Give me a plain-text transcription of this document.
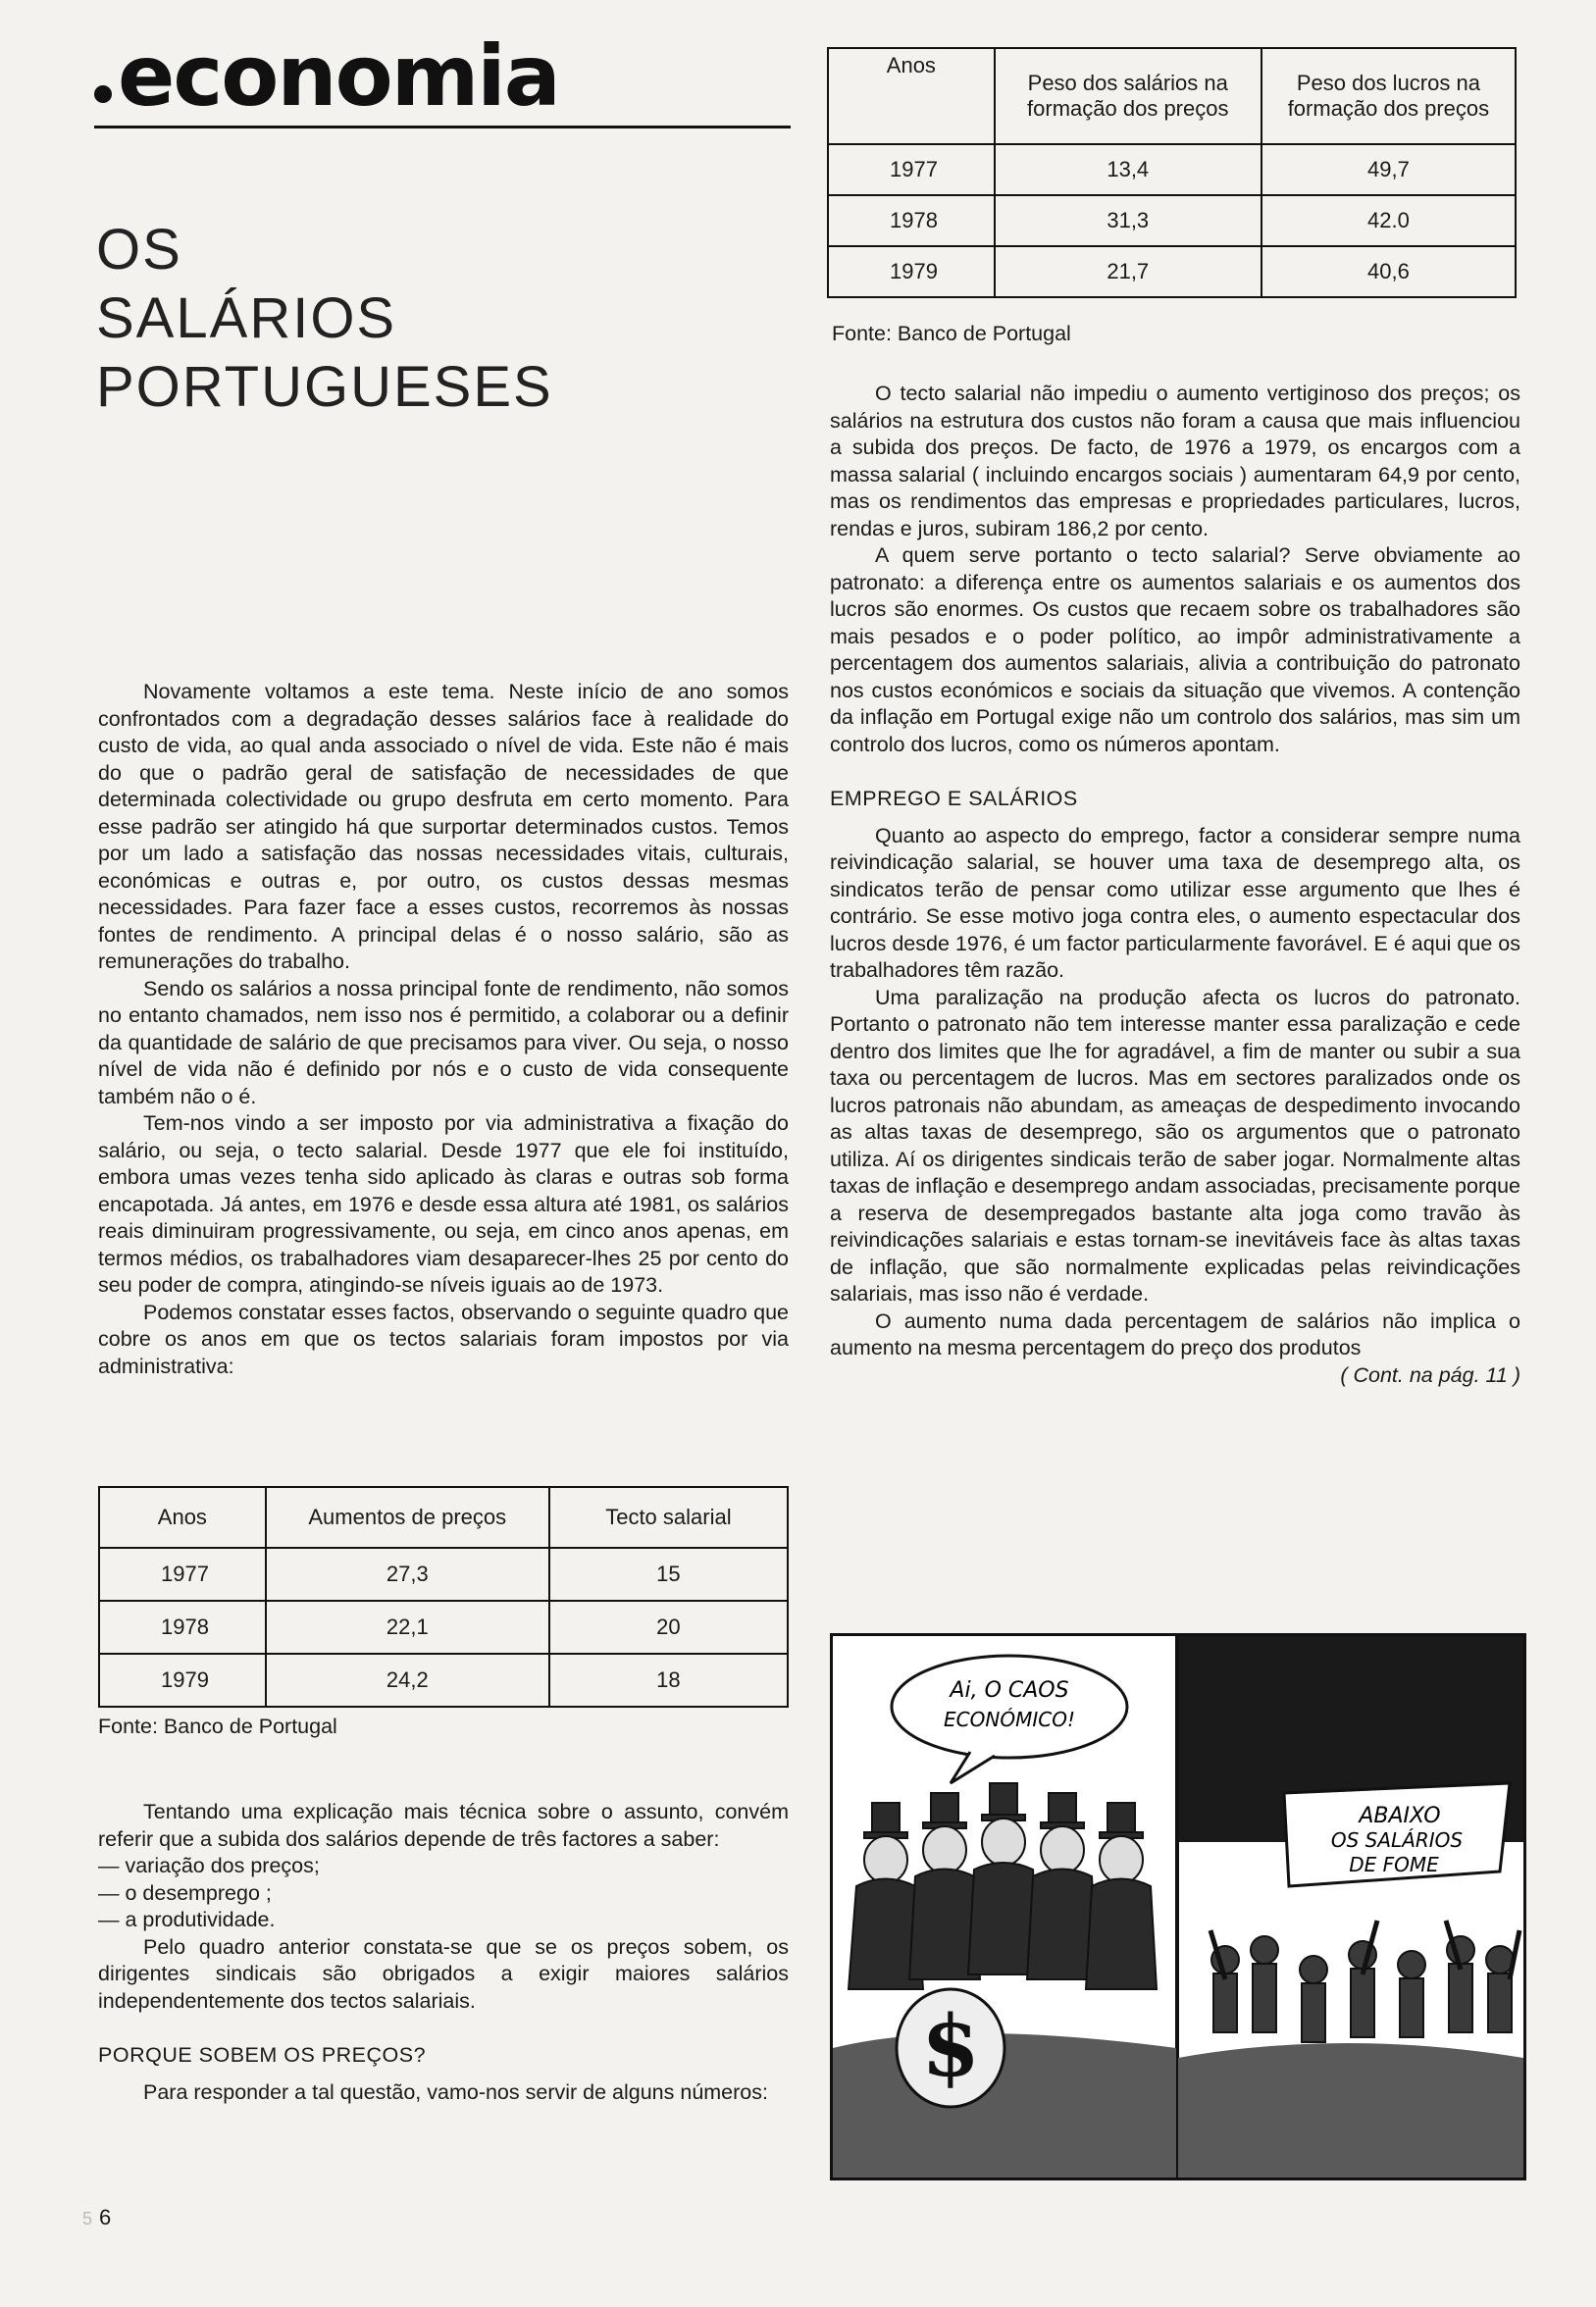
economia
OS
SALÁRIOS
PORTUGUESES
Anos	Peso dos salários na formação dos preços	Peso dos lucros na formação dos preços
1977	13,4	49,7
1978	31,3	42.0
1979	21,7	40,6
Fonte: Banco de Portugal

Novamente voltamos a este tema. Neste início de ano somos confrontados com a degradação desses salários face à realidade do custo de vida, ao qual anda associado o nível de vida. Este não é mais do que o padrão geral de satisfação de necessidades de que determinada colectividade ou grupo desfruta em certo momento. Para esse padrão ser atingido há que surportar determinados custos. Temos por um lado a satisfação das nossas necessidades vitais, culturais, económicas e outras e, por outro, os custos dessas mesmas necessidades. Para fazer face a esses custos, recorremos às nossas fontes de rendimento. A principal delas é o nosso salário, são as remunerações do trabalho.

Sendo os salários a nossa principal fonte de rendimento, não somos no entanto chamados, nem isso nos é permitido, a colaborar ou a definir da quantidade de salário de que precisamos para viver. Ou seja, o nosso nível de vida não é definido por nós e o custo de vida consequente também não o é.

Tem-nos vindo a ser imposto por via administrativa a fixação do salário, ou seja, o tecto salarial. Desde 1977 que ele foi instituído, embora umas vezes tenha sido aplicado às claras e outras sob forma encapotada. Já antes, em 1976 e desde essa altura até 1981, os salários reais diminuiram progressivamente, ou seja, em cinco anos apenas, em termos médios, os trabalhadores viam desaparecer-lhes 25 por cento do seu poder de compra, atingindo-se níveis iguais ao de 1973.

Podemos constatar esses factos, observando o seguinte quadro que cobre os anos em que os tectos salariais foram impostos por via administrativa:

Anos	Aumentos de preços	Tecto salarial
1977	27,3	15
1978	22,1	20
1979	24,2	18
Fonte: Banco de Portugal

Tentando uma explicação mais técnica sobre o assunto, convém referir que a subida dos salários depende de três factores a saber:

— variação dos preços;
— o desemprego ;
— a produtividade.

Pelo quadro anterior constata-se que se os preços sobem, os dirigentes sindicais são obrigados a exigir maiores salários independentemente dos tectos salariais.

PORQUE SOBEM OS PREÇOS?

Para responder a tal questão, vamo-nos servir de alguns números:

O tecto salarial não impediu o aumento vertiginoso dos preços; os salários na estrutura dos custos não foram a causa que mais influenciou a subida dos preços. De facto, de 1976 a 1979, os encargos com a massa salarial ( incluindo encargos sociais ) aumentaram 64,9 por cento, mas os rendimentos das empresas e propriedades particulares, lucros, rendas e juros, subiram 186,2 por cento.

A quem serve portanto o tecto salarial? Serve obviamente ao patronato: a diferença entre os aumentos salariais e os aumentos dos lucros são enormes. Os custos que recaem sobre os trabalhadores são mais pesados e o poder político, ao impôr administrativamente a percentagem dos aumentos salariais, alivia a contribuição do patronato nos custos económicos e sociais da situação que vivemos. A contenção da inflação em Portugal exige não um controlo dos salários, mas sim um controlo dos lucros, como os números apontam.

EMPREGO E SALÁRIOS

Quanto ao aspecto do emprego, factor a considerar sempre numa reivindicação salarial, se houver uma taxa de desemprego alta, os sindicatos terão de pensar como utilizar esse argumento que lhes é contrário. Se esse motivo joga contra eles, o aumento espectacular dos lucros desde 1976, é um factor particularmente favorável. E é aqui que os trabalhadores têm razão.

Uma paralização na produção afecta os lucros do patronato. Portanto o patronato não tem interesse manter essa paralização e cede dentro dos limites que lhe for agradável, a fim de manter ou subir a sua taxa ou percentagem de lucros. Mas em sectores paralizados onde os lucros patronais não abundam, as ameaças de despedimento invocando as altas taxas de desemprego, são os argumentos que o patronato utiliza. Aí os dirigentes sindicais terão de saber jogar. Normalmente altas taxas de inflação e desemprego andam associadas, precisamente porque a reserva de desempregados bastante alta joga como travão às reivindicações salariais e estas tornam-se inevitáveis face às altas taxas de inflação, que são normalmente explicadas pelas reivindicações salariais, mas isso não é verdade.

O aumento numa dada percentagem de salários não implica o aumento na mesma percentagem do preço dos produtos

( Cont. na pág. 11 )

Ai, O CAOS
ECONÓMICO!
$
ABAIXO
OS SALÁRIOS
DE FOME
5 6
